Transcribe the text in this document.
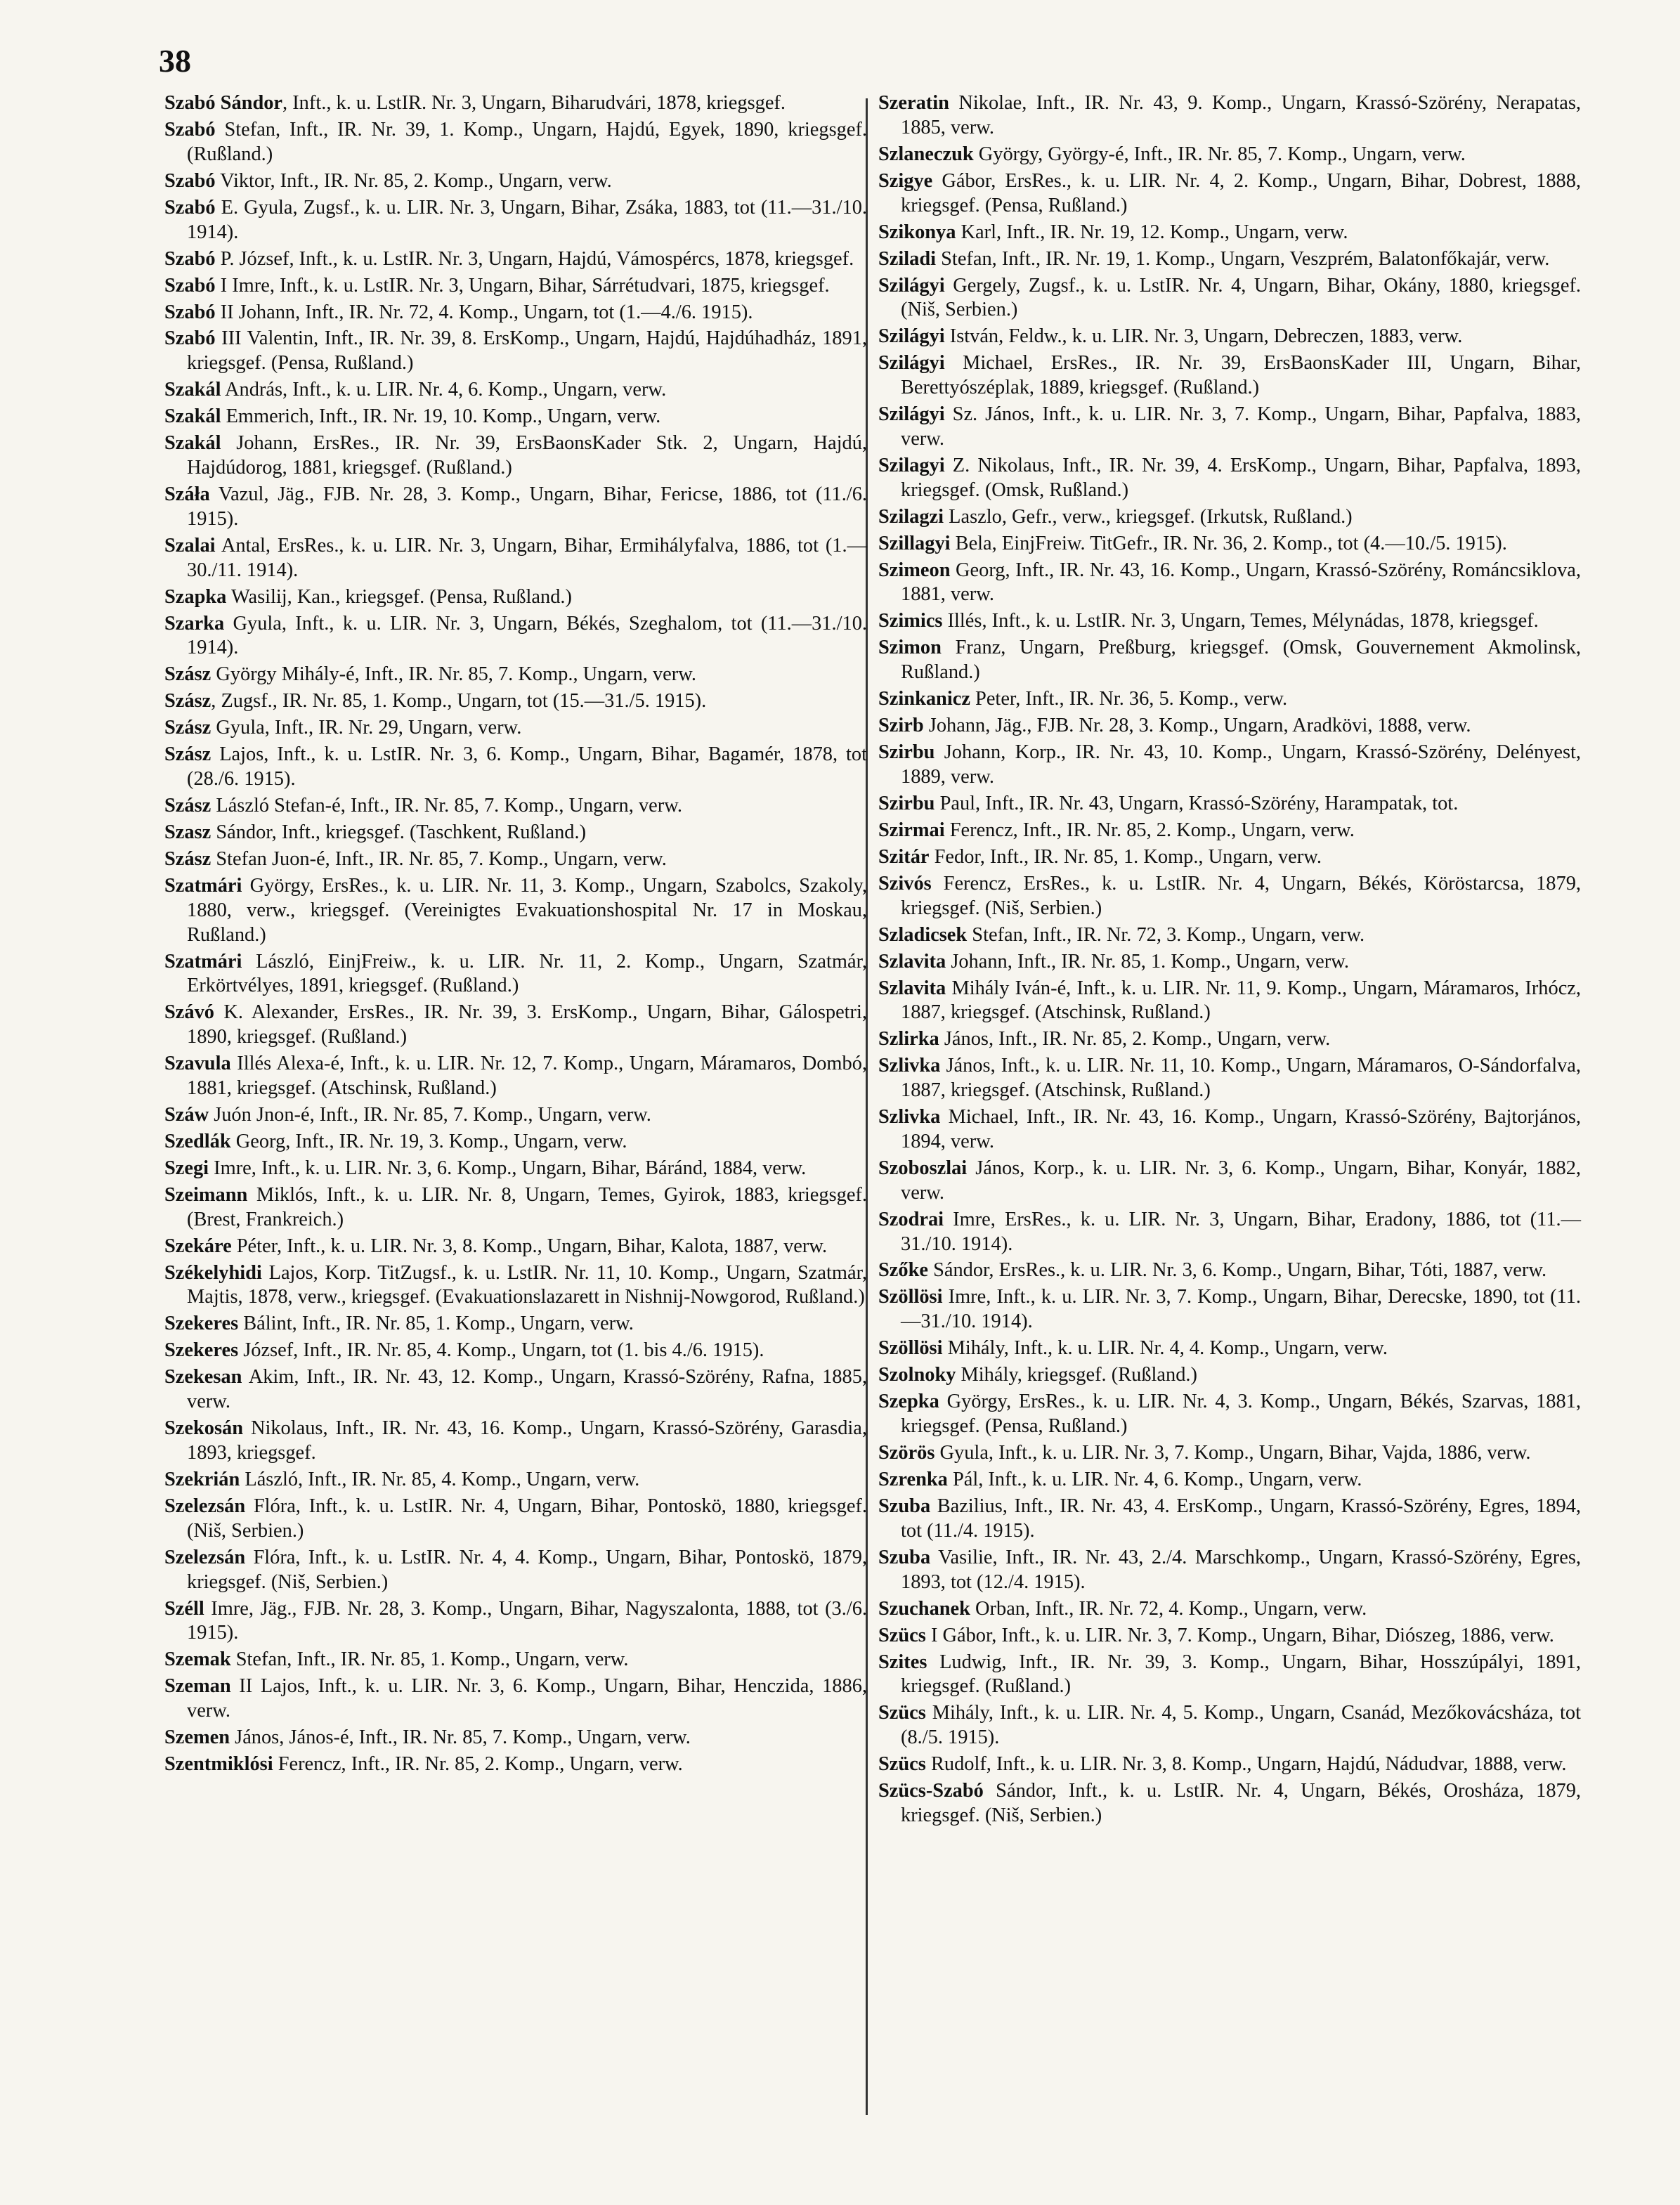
38

Szabó Sándor, Inft., k. u. LstIR. Nr. 3, Ungarn, Biharudvári, 1878, kriegsgef.

Szabó Stefan, Inft., IR. Nr. 39, 1. Komp., Ungarn, Hajdú, Egyek, 1890, kriegsgef. (Rußland.)

Szabó Viktor, Inft., IR. Nr. 85, 2. Komp., Ungarn, verw.

Szabó E. Gyula, Zugsf., k. u. LIR. Nr. 3, Ungarn, Bihar, Zsáka, 1883, tot (11.—31./10. 1914).

Szabó P. József, Inft., k. u. LstIR. Nr. 3, Ungarn, Hajdú, Vámospércs, 1878, kriegsgef.

Szabó I Imre, Inft., k. u. LstIR. Nr. 3, Ungarn, Bihar, Sárrétudvari, 1875, kriegsgef.

Szabó II Johann, Inft., IR. Nr. 72, 4. Komp., Ungarn, tot (1.—4./6. 1915).

Szabó III Valentin, Inft., IR. Nr. 39, 8. ErsKomp., Ungarn, Hajdú, Hajdúhadház, 1891, kriegsgef. (Pensa, Rußland.)

Szakál András, Inft., k. u. LIR. Nr. 4, 6. Komp., Ungarn, verw.

Szakál Emmerich, Inft., IR. Nr. 19, 10. Komp., Ungarn, verw.

Szakál Johann, ErsRes., IR. Nr. 39, ErsBaonsKader Stk. 2, Ungarn, Hajdú, Hajdúdorog, 1881, kriegsgef. (Rußland.)

Száła Vazul, Jäg., FJB. Nr. 28, 3. Komp., Ungarn, Bihar, Fericse, 1886, tot (11./6. 1915).

Szalai Antal, ErsRes., k. u. LIR. Nr. 3, Ungarn, Bihar, Ermihályfalva, 1886, tot (1.—30./11. 1914).

Szapka Wasilij, Kan., kriegsgef. (Pensa, Rußland.)

Szarka Gyula, Inft., k. u. LIR. Nr. 3, Ungarn, Békés, Szeghalom, tot (11.—31./10. 1914).

Szász György Mihály-é, Inft., IR. Nr. 85, 7. Komp., Ungarn, verw.

Szász, Zugsf., IR. Nr. 85, 1. Komp., Ungarn, tot (15.—31./5. 1915).

Szász Gyula, Inft., IR. Nr. 29, Ungarn, verw.

Szász Lajos, Inft., k. u. LstIR. Nr. 3, 6. Komp., Ungarn, Bihar, Bagamér, 1878, tot (28./6. 1915).

Szász László Stefan-é, Inft., IR. Nr. 85, 7. Komp., Ungarn, verw.

Szasz Sándor, Inft., kriegsgef. (Taschkent, Rußland.)

Szász Stefan Juon-é, Inft., IR. Nr. 85, 7. Komp., Ungarn, verw.

Szatmári György, ErsRes., k. u. LIR. Nr. 11, 3. Komp., Ungarn, Szabolcs, Szakoly, 1880, verw., kriegsgef. (Vereinigtes Evakuationshospital Nr. 17 in Moskau, Rußland.)

Szatmári László, EinjFreiw., k. u. LIR. Nr. 11, 2. Komp., Ungarn, Szatmár, Erkörtvélyes, 1891, kriegsgef. (Rußland.)

Szávó K. Alexander, ErsRes., IR. Nr. 39, 3. ErsKomp., Ungarn, Bihar, Gálospetri, 1890, kriegsgef. (Rußland.)

Szavula Illés Alexa-é, Inft., k. u. LIR. Nr. 12, 7. Komp., Ungarn, Máramaros, Dombó, 1881, kriegsgef. (Atschinsk, Rußland.)

Száw Juón Jnon-é, Inft., IR. Nr. 85, 7. Komp., Ungarn, verw.

Szedlák Georg, Inft., IR. Nr. 19, 3. Komp., Ungarn, verw.

Szegi Imre, Inft., k. u. LIR. Nr. 3, 6. Komp., Ungarn, Bihar, Báránd, 1884, verw.

Szeimann Miklós, Inft., k. u. LIR. Nr. 8, Ungarn, Temes, Gyirok, 1883, kriegsgef. (Brest, Frankreich.)

Szekáre Péter, Inft., k. u. LIR. Nr. 3, 8. Komp., Ungarn, Bihar, Kalota, 1887, verw.

Székelyhidi Lajos, Korp. TitZugsf., k. u. LstIR. Nr. 11, 10. Komp., Ungarn, Szatmár, Majtis, 1878, verw., kriegsgef. (Evakuationslazarett in Nishnij-Nowgorod, Rußland.)

Szekeres Bálint, Inft., IR. Nr. 85, 1. Komp., Ungarn, verw.

Szekeres József, Inft., IR. Nr. 85, 4. Komp., Ungarn, tot (1. bis 4./6. 1915).

Szekesan Akim, Inft., IR. Nr. 43, 12. Komp., Ungarn, Krassó-Szörény, Rafna, 1885, verw.

Szekosán Nikolaus, Inft., IR. Nr. 43, 16. Komp., Ungarn, Krassó-Szörény, Garasdia, 1893, kriegsgef.

Szekrián László, Inft., IR. Nr. 85, 4. Komp., Ungarn, verw.

Szelezsán Flóra, Inft., k. u. LstIR. Nr. 4, Ungarn, Bihar, Pontoskö, 1880, kriegsgef. (Niš, Serbien.)

Szelezsán Flóra, Inft., k. u. LstIR. Nr. 4, 4. Komp., Ungarn, Bihar, Pontoskö, 1879, kriegsgef. (Niš, Serbien.)

Széll Imre, Jäg., FJB. Nr. 28, 3. Komp., Ungarn, Bihar, Nagyszalonta, 1888, tot (3./6. 1915).

Szemak Stefan, Inft., IR. Nr. 85, 1. Komp., Ungarn, verw.

Szeman II Lajos, Inft., k. u. LIR. Nr. 3, 6. Komp., Ungarn, Bihar, Henczida, 1886, verw.

Szemen János, János-é, Inft., IR. Nr. 85, 7. Komp., Ungarn, verw.

Szentmiklósi Ferencz, Inft., IR. Nr. 85, 2. Komp., Ungarn, verw.

Szeratin Nikolae, Inft., IR. Nr. 43, 9. Komp., Ungarn, Krassó-Szörény, Nerapatas, 1885, verw.

Szlaneczuk György, György-é, Inft., IR. Nr. 85, 7. Komp., Ungarn, verw.

Szigye Gábor, ErsRes., k. u. LIR. Nr. 4, 2. Komp., Ungarn, Bihar, Dobrest, 1888, kriegsgef. (Pensa, Rußland.)

Szikonya Karl, Inft., IR. Nr. 19, 12. Komp., Ungarn, verw.

Sziladi Stefan, Inft., IR. Nr. 19, 1. Komp., Ungarn, Veszprém, Balatonfőkajár, verw.

Szilágyi Gergely, Zugsf., k. u. LstIR. Nr. 4, Ungarn, Bihar, Okány, 1880, kriegsgef. (Niš, Serbien.)

Szilágyi István, Feldw., k. u. LIR. Nr. 3, Ungarn, Debreczen, 1883, verw.

Szilágyi Michael, ErsRes., IR. Nr. 39, ErsBaonsKader III, Ungarn, Bihar, Berettyószéplak, 1889, kriegsgef. (Rußland.)

Szilágyi Sz. János, Inft., k. u. LIR. Nr. 3, 7. Komp., Ungarn, Bihar, Papfalva, 1883, verw.

Szilagyi Z. Nikolaus, Inft., IR. Nr. 39, 4. ErsKomp., Ungarn, Bihar, Papfalva, 1893, kriegsgef. (Omsk, Rußland.)

Szilagzi Laszlo, Gefr., verw., kriegsgef. (Irkutsk, Rußland.)

Szillagyi Bela, EinjFreiw. TitGefr., IR. Nr. 36, 2. Komp., tot (4.—10./5. 1915).

Szimeon Georg, Inft., IR. Nr. 43, 16. Komp., Ungarn, Krassó-Szörény, Románcsiklova, 1881, verw.

Szimics Illés, Inft., k. u. LstIR. Nr. 3, Ungarn, Temes, Mélynádas, 1878, kriegsgef.

Szimon Franz, Ungarn, Preßburg, kriegsgef. (Omsk, Gouvernement Akmolinsk, Rußland.)

Szinkanicz Peter, Inft., IR. Nr. 36, 5. Komp., verw.

Szirb Johann, Jäg., FJB. Nr. 28, 3. Komp., Ungarn, Aradkövi, 1888, verw.

Szirbu Johann, Korp., IR. Nr. 43, 10. Komp., Ungarn, Krassó-Szörény, Delényest, 1889, verw.

Szirbu Paul, Inft., IR. Nr. 43, Ungarn, Krassó-Szörény, Harampatak, tot.

Szirmai Ferencz, Inft., IR. Nr. 85, 2. Komp., Ungarn, verw.

Szitár Fedor, Inft., IR. Nr. 85, 1. Komp., Ungarn, verw.

Szivós Ferencz, ErsRes., k. u. LstIR. Nr. 4, Ungarn, Békés, Köröstarcsa, 1879, kriegsgef. (Niš, Serbien.)

Szladicsek Stefan, Inft., IR. Nr. 72, 3. Komp., Ungarn, verw.

Szlavita Johann, Inft., IR. Nr. 85, 1. Komp., Ungarn, verw.

Szlavita Mihály Iván-é, Inft., k. u. LIR. Nr. 11, 9. Komp., Ungarn, Máramaros, Irhócz, 1887, kriegsgef. (Atschinsk, Rußland.)

Szlirka János, Inft., IR. Nr. 85, 2. Komp., Ungarn, verw.

Szlivka János, Inft., k. u. LIR. Nr. 11, 10. Komp., Ungarn, Máramaros, O-Sándorfalva, 1887, kriegsgef. (Atschinsk, Rußland.)

Szlivka Michael, Inft., IR. Nr. 43, 16. Komp., Ungarn, Krassó-Szörény, Bajtorjános, 1894, verw.

Szoboszlai János, Korp., k. u. LIR. Nr. 3, 6. Komp., Ungarn, Bihar, Konyár, 1882, verw.

Szodrai Imre, ErsRes., k. u. LIR. Nr. 3, Ungarn, Bihar, Eradony, 1886, tot (11.—31./10. 1914).

Szőke Sándor, ErsRes., k. u. LIR. Nr. 3, 6. Komp., Ungarn, Bihar, Tóti, 1887, verw.

Szöllösi Imre, Inft., k. u. LIR. Nr. 3, 7. Komp., Ungarn, Bihar, Derecske, 1890, tot (11.—31./10. 1914).

Szöllösi Mihály, Inft., k. u. LIR. Nr. 4, 4. Komp., Ungarn, verw.

Szolnoky Mihály, kriegsgef. (Rußland.)

Szepka György, ErsRes., k. u. LIR. Nr. 4, 3. Komp., Ungarn, Békés, Szarvas, 1881, kriegsgef. (Pensa, Rußland.)

Szörös Gyula, Inft., k. u. LIR. Nr. 3, 7. Komp., Ungarn, Bihar, Vajda, 1886, verw.

Szrenka Pál, Inft., k. u. LIR. Nr. 4, 6. Komp., Ungarn, verw.

Szuba Bazilius, Inft., IR. Nr. 43, 4. ErsKomp., Ungarn, Krassó-Szörény, Egres, 1894, tot (11./4. 1915).

Szuba Vasilie, Inft., IR. Nr. 43, 2./4. Marschkomp., Ungarn, Krassó-Szörény, Egres, 1893, tot (12./4. 1915).

Szuchanek Orban, Inft., IR. Nr. 72, 4. Komp., Ungarn, verw.

Szücs I Gábor, Inft., k. u. LIR. Nr. 3, 7. Komp., Ungarn, Bihar, Diószeg, 1886, verw.

Szites Ludwig, Inft., IR. Nr. 39, 3. Komp., Ungarn, Bihar, Hosszúpályi, 1891, kriegsgef. (Rußland.)

Szücs Mihály, Inft., k. u. LIR. Nr. 4, 5. Komp., Ungarn, Csanád, Mezőkovácsháza, tot (8./5. 1915).

Szücs Rudolf, Inft., k. u. LIR. Nr. 3, 8. Komp., Ungarn, Hajdú, Nádudvar, 1888, verw.

Szücs-Szabó Sándor, Inft., k. u. LstIR. Nr. 4, Ungarn, Békés, Orosháza, 1879, kriegsgef. (Niš, Serbien.)
